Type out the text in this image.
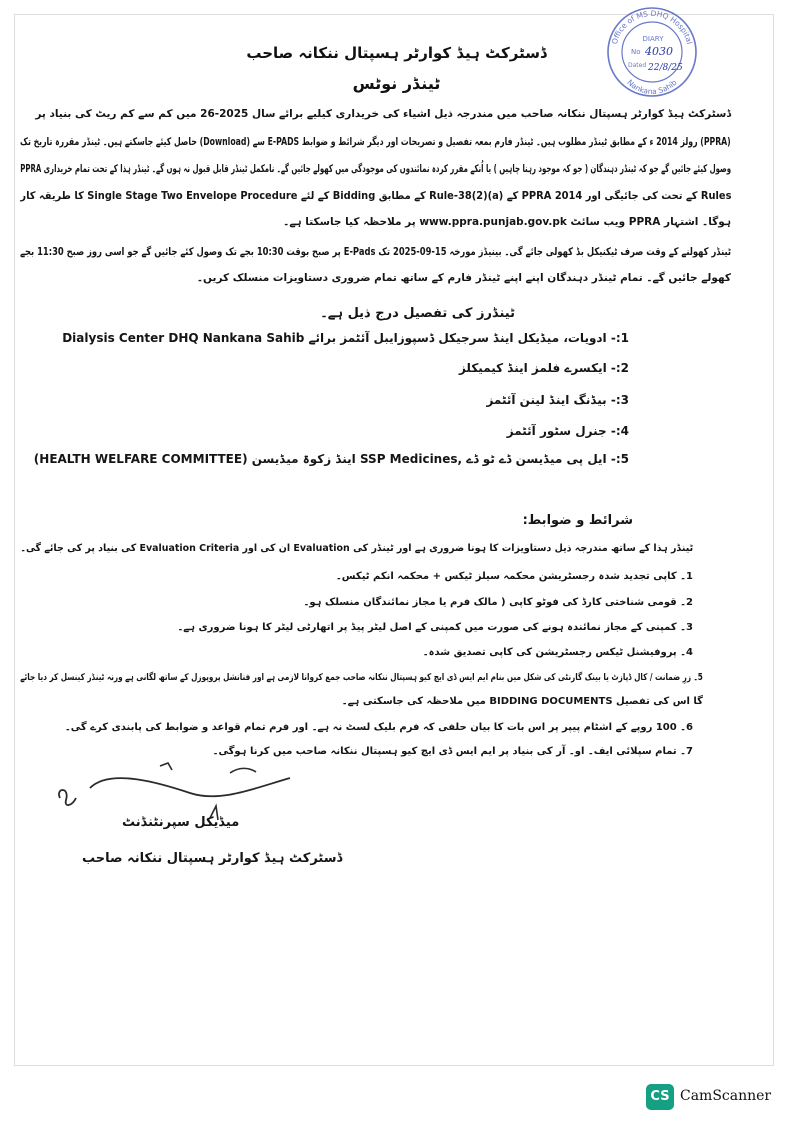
Office of MS DHQ Hospital
Nankana Sahib
DIARY
No 4030
Dated 22/8/25
ڈسٹرکٹ ہیڈ کوارٹر ہسپتال ننکانہ صاحب
ٹینڈر نوٹس
ڈسٹرکٹ ہیڈ کوارٹر ہسپتال ننکانہ صاحب میں مندرجہ ذیل اشیاء کی خریداری کیلیے برائے سال 2025-26 میں کم سے کم ریٹ کی بنیاد پر
(PPRA) رولز 2014 ء کے مطابق ٹینڈر مطلوب ہیں۔ ٹینڈر فارم بمعہ تفصیل و تصریحات اور دیگر شرائط و ضوابط E-PADS سے (Download) حاصل کیئے جاسکتے ہیں۔ ٹینڈر مقررہ تاریخ تک
وصول کیئے جائیں گے جو کہ ٹینڈر دہندگان ( جو کہ موجود رہنا چاہیں ) یا اُنکے مقرر کردہ نمائندوں کی موجودگی میں کھولے جائیں گے۔ نامکمل ٹینڈر قابل قبول نہ ہوں گے۔ ٹینڈر ہذا کے تحت تمام خریداری PPRA
Rules کے تحت کی جائیگی اور PPRA 2014 کے Rule-38(2)(a) کے مطابق Bidding کے لئے Single Stage Two Envelope Procedure کا طریقہ کار
ہوگا۔ اشتہار PPRA ویب سائٹ www.ppra.punjab.gov.pk پر ملاحظہ کیا جاسکتا ہے۔
ٹینڈر کھولنے کے وقت صرف ٹیکنیکل بڈ کھولی جائے گی۔ بینیڈز مورخہ 15-09-2025 تک E-Pads پر صبح بوقت 10:30 بجے تک وصول کئے جائیں گے جو اسی روز صبح 11:30 بجے
کھولے جائیں گے۔ تمام ٹینڈر دہندگان اپنے اپنے ٹینڈر فارم کے ساتھ تمام ضروری دستاویزات منسلک کریں۔
ٹینڈرز کی تفصیل درج ذیل ہے۔
1:- ادویات، میڈیکل اینڈ سرجیکل ڈسپوزایبل آئٹمز برائے Dialysis Center DHQ Nankana Sahib
2:- ایکسرے فلمز اینڈ کیمیکلز
3:- بیڈنگ اینڈ لینن آئٹمز
4:- جنرل سٹور آئٹمز
5:- ایل پی میڈیسن ڈے ٹو ڈے ,SSP Medicines اینڈ زکوۃ میڈیسن (HEALTH WELFARE COMMITTEE)
شرائط و ضوابط:
ٹینڈر ہذا کے ساتھ مندرجہ ذیل دستاویزات کا ہونا ضروری ہے اور ٹینڈر کی Evaluation ان کی اور Evaluation Criteria کی بنیاد پر کی جائے گی۔
1۔ کاپی تجدید شدہ رجسٹریشن محکمہ سیلز ٹیکس + محکمہ انکم ٹیکس۔
2۔ قومی شناختی کارڈ کی فوٹو کاپی ( مالک فرم یا مجاز نمائندگان منسلک ہو۔
3۔ کمپنی کے مجاز نمائندہ ہونے کی صورت میں کمپنی کے اصل لیٹر پیڈ پر اتھارٹی لیٹر کا ہونا ضروری ہے۔
4۔ پروفیشنل ٹیکس رجسٹریشن کی کاپی تصدیق شدہ۔
5۔ زرِ ضمانت / کال ڈپازٹ یا بینک گارنٹی کی شکل میں بنام ایم ایس ڈی ایچ کیو ہسپتال ننکانہ صاحب جمع کروانا لازمی ہے اور فنانشل پروپوزل کے ساتھ لگانی ہے ورنہ ٹینڈر کینسل کر دیا جائے
گا اس کی تفصیل BIDDING DOCUMENTS میں ملاحظہ کی جاسکتی ہے۔
6۔ 100 روپے کے اشٹام پیپر پر اس بات کا بیان حلفی کہ فرم بلیک لسٹ نہ ہے۔ اور فرم تمام قواعد و ضوابط کی پابندی کرے گی۔
7۔ تمام سپلائی ایف۔ او۔ آر کی بنیاد پر ایم ایس ڈی ایچ کیو ہسپتال ننکانہ صاحب میں کرنا ہوگی۔
میڈیکل سپرنٹنڈنٹ
ڈسٹرکٹ ہیڈ کوارٹر ہسپتال ننکانہ صاحب
CS CamScanner
